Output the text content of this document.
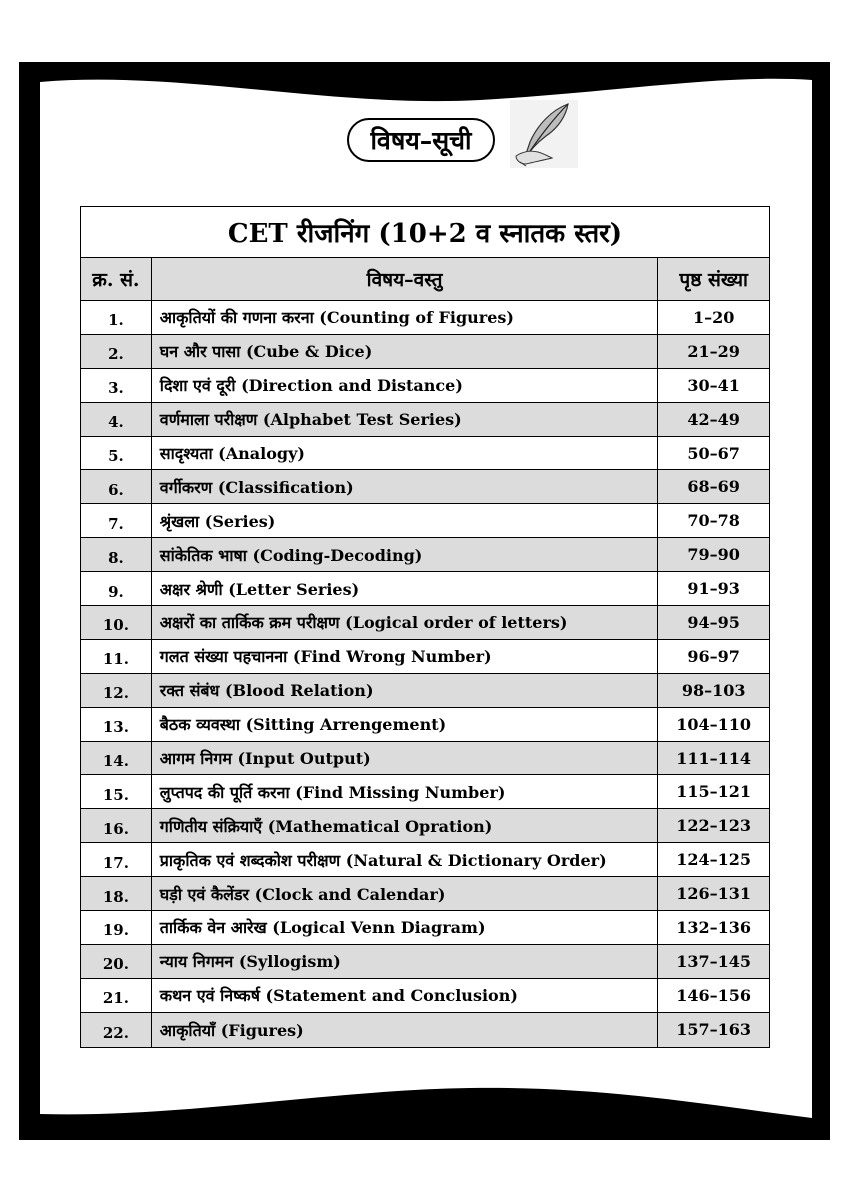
विषय–सूची
CET रीजनिंग (10+2 व स्नातक स्तर)
क्र. सं.	विषय–वस्तु	पृष्ठ संख्या
1.	आकृतियों की गणना करना (Counting of Figures)	1–20
2.	घन और पासा (Cube & Dice)	21–29
3.	दिशा एवं दूरी (Direction and Distance)	30–41
4.	वर्णमाला परीक्षण (Alphabet Test Series)	42–49
5.	सादृश्यता (Analogy)	50–67
6.	वर्गीकरण (Classification)	68–69
7.	श्रृंखला (Series)	70–78
8.	सांकेतिक भाषा (Coding-Decoding)	79–90
9.	अक्षर श्रेणी (Letter Series)	91–93
10.	अक्षरों का तार्किक क्रम परीक्षण (Logical order of letters)	94–95
11.	गलत संख्या पहचानना (Find Wrong Number)	96–97
12.	रक्त संबंध (Blood Relation)	98–103
13.	बैठक व्यवस्था (Sitting Arrengement)	104–110
14.	आगम निगम (Input Output)	111–114
15.	लुप्तपद की पूर्ति करना (Find Missing Number)	115–121
16.	गणितीय संक्रियाएँ (Mathematical Opration)	122–123
17.	प्राकृतिक एवं शब्दकोश परीक्षण (Natural & Dictionary Order)	124–125
18.	घड़ी एवं कैलेंडर (Clock and Calendar)	126–131
19.	तार्किक वेन आरेख (Logical Venn Diagram)	132–136
20.	न्याय निगमन (Syllogism)	137–145
21.	कथन एवं निष्कर्ष (Statement and Conclusion)	146–156
22.	आकृतियाँ (Figures)	157–163
